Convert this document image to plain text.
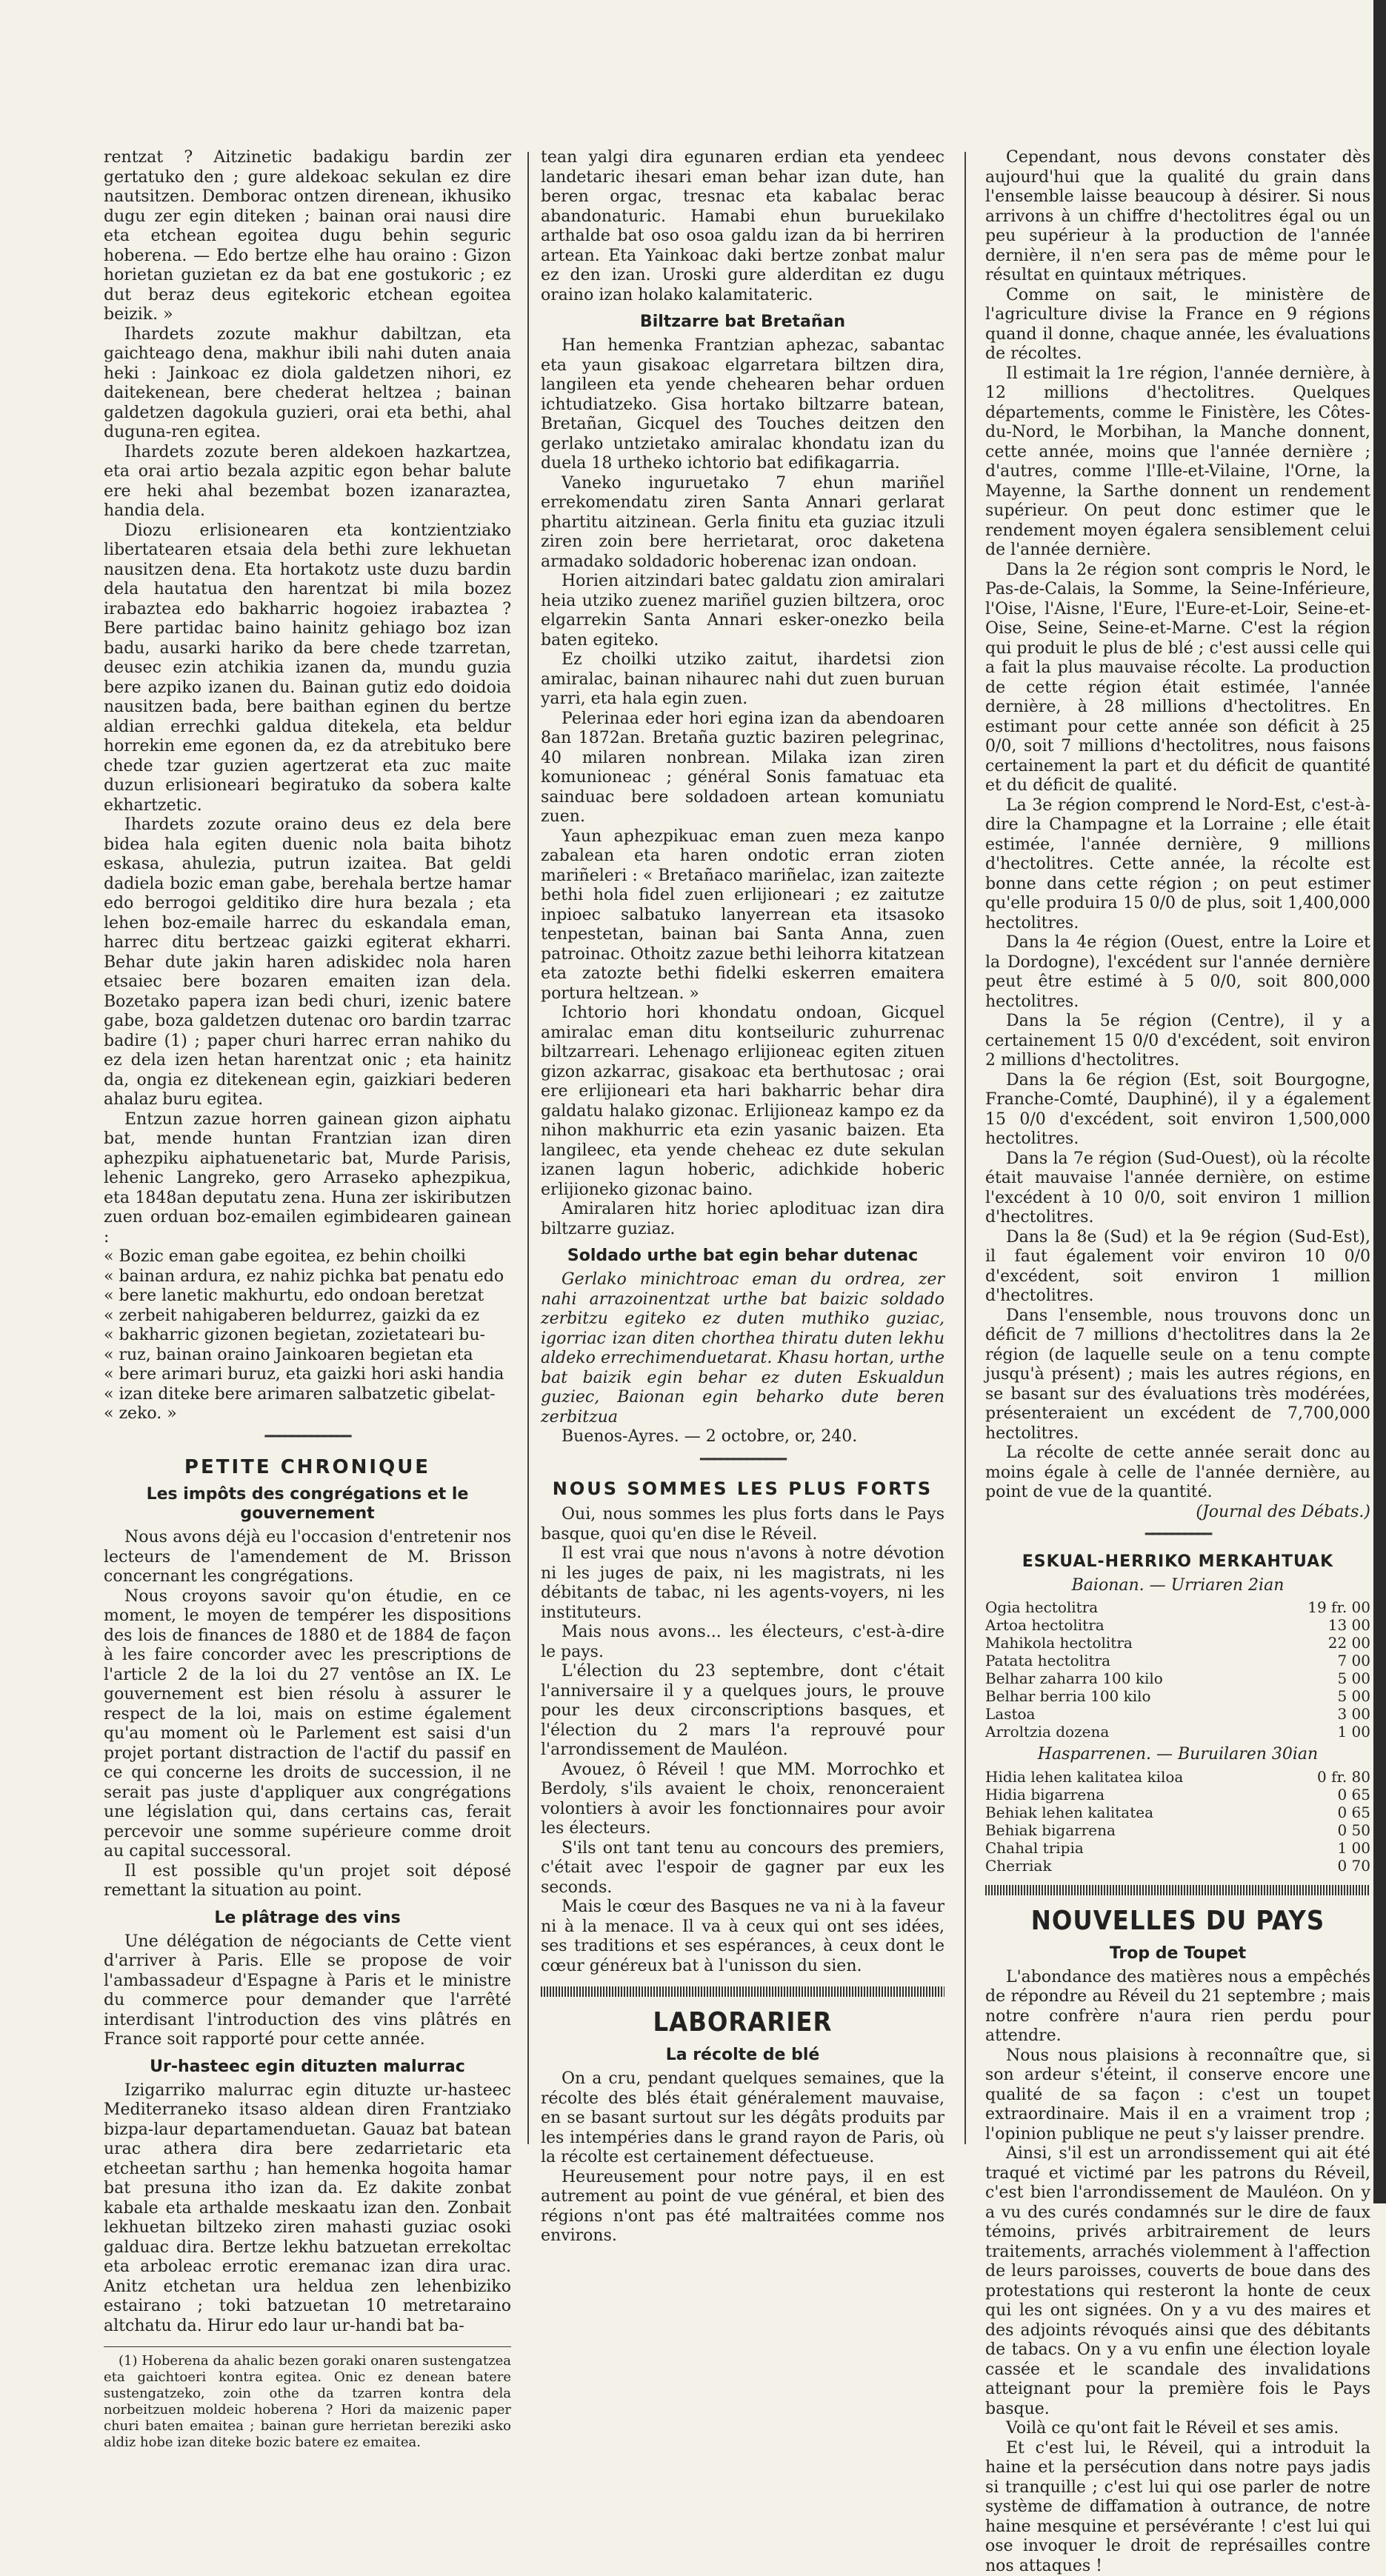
rentzat ? Aitzinetic badakigu bardin zer gertatuko den ; gure aldekoac sekulan ez dire nautsitzen. Demborac ontzen direnean, ikhusiko dugu zer egin diteken ; bainan orai nausi dire eta etchean egoitea dugu behin seguric hoberena. — Edo bertze elhe hau oraino : Gizon horietan guzietan ez da bat ene gostukoric ; ez dut beraz deus egitekoric etchean egoitea beizik. »

Ihardets zozute makhur dabiltzan, eta gaichteago dena, makhur ibili nahi duten anaia heki : Jainkoac ez diola galdetzen nihori, ez daitekenean, bere chederat heltzea ; bainan galdetzen dagokula guzieri, orai eta bethi, ahal duguna-ren egitea.

Ihardets zozute beren aldekoen hazkartzea, eta orai artio bezala azpitic egon behar balute ere heki ahal bezembat bozen izanaraztea, handia dela.

Diozu erlisionearen eta kontzientziako libertatearen etsaia dela bethi zure lekhuetan nausitzen dena. Eta hortakotz uste duzu bardin dela hautatua den harentzat bi mila bozez irabaztea edo bakharric hogoiez irabaztea ? Bere partidac baino hainitz gehiago boz izan badu, ausarki hariko da bere chede tzarretan, deusec ezin atchikia izanen da, mundu guzia bere azpiko izanen du. Bainan gutiz edo doidoia nausitzen bada, bere baithan eginen du bertze aldian errechki galdua ditekela, eta beldur horrekin eme egonen da, ez da atrebituko bere chede tzar guzien agertzerat eta zuc maite duzun erlisioneari begiratuko da sobera kalte ekhartzetic.

Ihardets zozute oraino deus ez dela bere bidea hala egiten duenic nola baita bihotz eskasa, ahulezia, putrun izaitea. Bat geldi dadiela bozic eman gabe, berehala bertze hamar edo berrogoi gelditiko dire hura bezala ; eta lehen boz-emaile harrec du eskandala eman, harrec ditu bertzeac gaizki egiterat ekharri. Behar dute jakin haren adiskidec nola haren etsaiec bere bozaren emaiten izan dela. Bozetako papera izan bedi churi, izenic batere gabe, boza galdetzen dutenac oro bardin tzarrac badire (1) ; paper churi harrec erran nahiko du ez dela izen hetan harentzat onic ; eta hainitz da, ongia ez ditekenean egin, gaizkiari bederen ahalaz buru egitea.

Entzun zazue horren gainean gizon aiphatu bat, mende huntan Frantzian izan diren aphezpiku aiphatuenetaric bat, Murde Parisis, lehenic Langreko, gero Arraseko aphezpikua, eta 1848an deputatu zena. Huna zer iskiributzen zuen orduan boz-emailen egimbidearen gainean :

« Bozic eman gabe egoitea, ez behin choilki

« bainan ardura, ez nahiz pichka bat penatu edo

« bere lanetic makhurtu, edo ondoan beretzat

« zerbeit nahigaberen beldurrez, gaizki da ez

« bakharric gizonen begietan, zozietateari bu-

« ruz, bainan oraino Jainkoaren begietan eta

« bere arimari buruz, eta gaizki hori aski handia

« izan diteke bere arimaren salbatzetic gibelat-

« zeko. »

━━━━━━━━━━━━━
PETITE CHRONIQUE
Les impôts des congrégations et le gouvernement

Nous avons déjà eu l'occasion d'entretenir nos lecteurs de l'amendement de M. Brisson concernant les congrégations.

Nous croyons savoir qu'on étudie, en ce moment, le moyen de tempérer les dispositions des lois de finances de 1880 et de 1884 de façon à les faire concorder avec les prescriptions de l'article 2 de la loi du 27 ventôse an IX. Le gouvernement est bien résolu à assurer le respect de la loi, mais on estime également qu'au moment où le Parlement est saisi d'un projet portant distraction de l'actif du passif en ce qui concerne les droits de succession, il ne serait pas juste d'appliquer aux congrégations une législation qui, dans certains cas, ferait percevoir une somme supérieure comme droit au capital successoral.

Il est possible qu'un projet soit déposé remettant la situation au point.

Le plâtrage des vins

Une délégation de négociants de Cette vient d'arriver à Paris. Elle se propose de voir l'ambassadeur d'Espagne à Paris et le ministre du commerce pour demander que l'arrêté interdisant l'introduction des vins plâtrés en France soit rapporté pour cette année.

Ur-hasteec egin dituzten malurrac

Izigarriko malurrac egin dituzte ur-hasteec Mediterraneko itsaso aldean diren Frantziako bizpa-laur departamenduetan. Gauaz bat batean urac athera dira bere zedarrietaric eta etcheetan sarthu ; han hemenka hogoita hamar bat presuna itho izan da. Ez dakite zonbat kabale eta arthalde meskaatu izan den. Zonbait lekhuetan biltzeko ziren mahasti guziac osoki galduac dira. Bertze lekhu batzuetan errekoltac eta arboleac errotic eremanac izan dira urac. Anitz etchetan ura heldua zen lehenbiziko estairano ; toki batzuetan 10 metretaraino altchatu da. Hirur edo laur ur-handi bat ba-

(1) Hoberena da ahalic bezen goraki onaren sustengatzea eta gaichtoeri kontra egitea. Onic ez denean batere sustengatzeko, zoin othe da tzarren kontra dela norbeitzuen moldeic hoberena ? Hori da maizenic paper churi baten emaitea ; bainan gure herrietan bereziki asko aldiz hobe izan diteke bozic batere ez emaitea.

tean yalgi dira egunaren erdian eta yendeec landetaric ihesari eman behar izan dute, han beren orgac, tresnac eta kabalac berac abandonaturic. Hamabi ehun buruekilako arthalde bat oso osoa galdu izan da bi herriren artean. Eta Yainkoac daki bertze zonbat malur ez den izan. Uroski gure alderditan ez dugu oraino izan holako kalamitateric.

Biltzarre bat Bretañan

Han hemenka Frantzian aphezac, sabantac eta yaun gisakoac elgarretara biltzen dira, langileen eta yende chehearen behar orduen ichtudiatzeko. Gisa hortako biltzarre batean, Bretañan, Gicquel des Touches deitzen den gerlako untzietako amiralac khondatu izan du duela 18 urtheko ichtorio bat edifikagarria.

Vaneko inguruetako 7 ehun mariñel errekomendatu ziren Santa Annari gerlarat phartitu aitzinean. Gerla finitu eta guziac itzuli ziren zoin bere herrietarat, oroc daketena armadako soldadoric hoberenac izan ondoan.

Horien aitzindari batec galdatu zion amiralari heia utziko zuenez mariñel guzien biltzera, oroc elgarrekin Santa Annari esker-onezko beila baten egiteko.

Ez choilki utziko zaitut, ihardetsi zion amiralac, bainan nihaurec nahi dut zuen buruan yarri, eta hala egin zuen.

Pelerinaa eder hori egina izan da abendoaren 8an 1872an. Bretaña guztic baziren pelegrinac, 40 milaren nonbrean. Milaka izan ziren komunioneac ; général Sonis famatuac eta sainduac bere soldadoen artean komuniatu zuen.

Yaun aphezpikuac eman zuen meza kanpo zabalean eta haren ondotic erran zioten mariñeleri : « Bretañaco mariñelac, izan zaitezte bethi hola fidel zuen erlijioneari ; ez zaitutze inpioec salbatuko lanyerrean eta itsasoko tenpestetan, bainan bai Santa Anna, zuen patroinac. Othoitz zazue bethi leihorra kitatzean eta zatozte bethi fidelki eskerren emaitera portura heltzean. »

Ichtorio hori khondatu ondoan, Gicquel amiralac eman ditu kontseiluric zuhurrenac biltzarreari. Lehenago erlijioneac egiten zituen gizon azkarrac, gisakoac eta berthutosac ; orai ere erlijioneari eta hari bakharric behar dira galdatu halako gizonac. Erlijioneaz kampo ez da nihon makhurric eta ezin yasanic baizen. Eta langileec, eta yende cheheac ez dute sekulan izanen lagun hoberic, adichkide hoberic erlijioneko gizonac baino.

Amiralaren hitz horiec aplodituac izan dira biltzarre guziaz.

Soldado urthe bat egin behar dutenac

Gerlako minichtroac eman du ordrea, zer nahi arrazoinentzat urthe bat baizic soldado zerbitzu egiteko ez duten muthiko guziac, igorriac izan diten chorthea thiratu duten lekhu aldeko errechimenduetarat. Khasu hortan, urthe bat baizik egin behar ez duten Eskualdun guziec, Baionan egin beharko dute beren zerbitzua

Buenos-Ayres. — 2 octobre, or, 240.

━━━━━━━━━━━━━
NOUS SOMMES LES PLUS FORTS

Oui, nous sommes les plus forts dans le Pays basque, quoi qu'en dise le Réveil.

Il est vrai que nous n'avons à notre dévotion ni les juges de paix, ni les magistrats, ni les débitants de tabac, ni les agents-voyers, ni les instituteurs.

Mais nous avons... les électeurs, c'est-à-dire le pays.

L'élection du 23 septembre, dont c'était l'anniversaire il y a quelques jours, le prouve pour les deux circonscriptions basques, et l'élection du 2 mars l'a reprouvé pour l'arrondissement de Mauléon.

Avouez, ô Réveil ! que MM. Morrochko et Berdoly, s'ils avaient le choix, renonceraient volontiers à avoir les fonctionnaires pour avoir les électeurs.

S'ils ont tant tenu au concours des premiers, c'était avec l'espoir de gagner par eux les seconds.

Mais le cœur des Basques ne va ni à la faveur ni à la menace. Il va à ceux qui ont ses idées, ses traditions et ses espérances, à ceux dont le cœur généreux bat à l'unisson du sien.

LABORARIER
La récolte de blé

On a cru, pendant quelques semaines, que la récolte des blés était généralement mauvaise, en se basant surtout sur les dégâts produits par les intempéries dans le grand rayon de Paris, où la récolte est certainement défectueuse.

Heureusement pour notre pays, il en est autrement au point de vue général, et bien des régions n'ont pas été maltraitées comme nos environs.

Cependant, nous devons constater dès aujourd'hui que la qualité du grain dans l'ensemble laisse beaucoup à désirer. Si nous arrivons à un chiffre d'hectolitres égal ou un peu supérieur à la production de l'année dernière, il n'en sera pas de même pour le résultat en quintaux métriques.

Comme on sait, le ministère de l'agriculture divise la France en 9 régions quand il donne, chaque année, les évaluations de récoltes.

Il estimait la 1re région, l'année dernière, à 12 millions d'hectolitres. Quelques départements, comme le Finistère, les Côtes-du-Nord, le Morbihan, la Manche donnent, cette année, moins que l'année dernière ; d'autres, comme l'Ille-et-Vilaine, l'Orne, la Mayenne, la Sarthe donnent un rendement supérieur. On peut donc estimer que le rendement moyen égalera sensiblement celui de l'année dernière.

Dans la 2e région sont compris le Nord, le Pas-de-Calais, la Somme, la Seine-Inférieure, l'Oise, l'Aisne, l'Eure, l'Eure-et-Loir, Seine-et-Oise, Seine, Seine-et-Marne. C'est la région qui produit le plus de blé ; c'est aussi celle qui a fait la plus mauvaise récolte. La production de cette région était estimée, l'année dernière, à 28 millions d'hectolitres. En estimant pour cette année son déficit à 25 0/0, soit 7 millions d'hectolitres, nous faisons certainement la part et du déficit de quantité et du déficit de qualité.

La 3e région comprend le Nord-Est, c'est-à-dire la Champagne et la Lorraine ; elle était estimée, l'année dernière, 9 millions d'hectolitres. Cette année, la récolte est bonne dans cette région ; on peut estimer qu'elle produira 15 0/0 de plus, soit 1,400,000 hectolitres.

Dans la 4e région (Ouest, entre la Loire et la Dordogne), l'excédent sur l'année dernière peut être estimé à 5 0/0, soit 800,000 hectolitres.

Dans la 5e région (Centre), il y a certainement 15 0/0 d'excédent, soit environ 2 millions d'hectolitres.

Dans la 6e région (Est, soit Bourgogne, Franche-Comté, Dauphiné), il y a également 15 0/0 d'excédent, soit environ 1,500,000 hectolitres.

Dans la 7e région (Sud-Ouest), où la récolte était mauvaise l'année dernière, on estime l'excédent à 10 0/0, soit environ 1 million d'hectolitres.

Dans la 8e (Sud) et la 9e région (Sud-Est), il faut également voir environ 10 0/0 d'excédent, soit environ 1 million d'hectolitres.

Dans l'ensemble, nous trouvons donc un déficit de 7 millions d'hectolitres dans la 2e région (de laquelle seule on a tenu compte jusqu'à présent) ; mais les autres régions, en se basant sur des évaluations très modérées, présenteraient un excédent de 7,700,000 hectolitres.

La récolte de cette année serait donc au moins égale à celle de l'année dernière, au point de vue de la quantité.

(Journal des Débats.)

━━━━━━━━━━
ESKUAL-HERRIKO MERKAHTUAK
Baionan. — Urriaren 2ian
Ogia hectolitra	19 fr. 00
Artoa hectolitra	13 00
Mahikola hectolitra	22 00
Patata hectolitra	7 00
Belhar zaharra 100 kilo	5 00
Belhar berria 100 kilo	5 00
Lastoa	3 00
Arroltzia dozena	1 00
Hasparrenen. — Buruilaren 30ian
Hidia lehen kalitatea kiloa	0 fr. 80
Hidia bigarrena	0 65
Behiak lehen kalitatea	0 65
Behiak bigarrena	0 50
Chahal tripia	1 00
Cherriak	0 70
NOUVELLES DU PAYS
Trop de Toupet

L'abondance des matières nous a empêchés de répondre au Réveil du 21 septembre ; mais notre confrère n'aura rien perdu pour attendre.

Nous nous plaisions à reconnaître que, si son ardeur s'éteint, il conserve encore une qualité de sa façon : c'est un toupet extraordinaire. Mais il en a vraiment trop ; l'opinion publique ne peut s'y laisser prendre.

Ainsi, s'il est un arrondissement qui ait été traqué et victimé par les patrons du Réveil, c'est bien l'arrondissement de Mauléon. On y a vu des curés condamnés sur le dire de faux témoins, privés arbitrairement de leurs traitements, arrachés violemment à l'affection de leurs paroisses, couverts de boue dans des protestations qui resteront la honte de ceux qui les ont signées. On y a vu des maires et des adjoints révoqués ainsi que des débitants de tabacs. On y a vu enfin une élection loyale cassée et le scandale des invalidations atteignant pour la première fois le Pays basque.

Voilà ce qu'ont fait le Réveil et ses amis.

Et c'est lui, le Réveil, qui a introduit la haine et la persécution dans notre pays jadis si tranquille ; c'est lui qui ose parler de notre système de diffamation à outrance, de notre haine mesquine et persévérante ! c'est lui qui ose invoquer le droit de représailles contre nos attaques !
